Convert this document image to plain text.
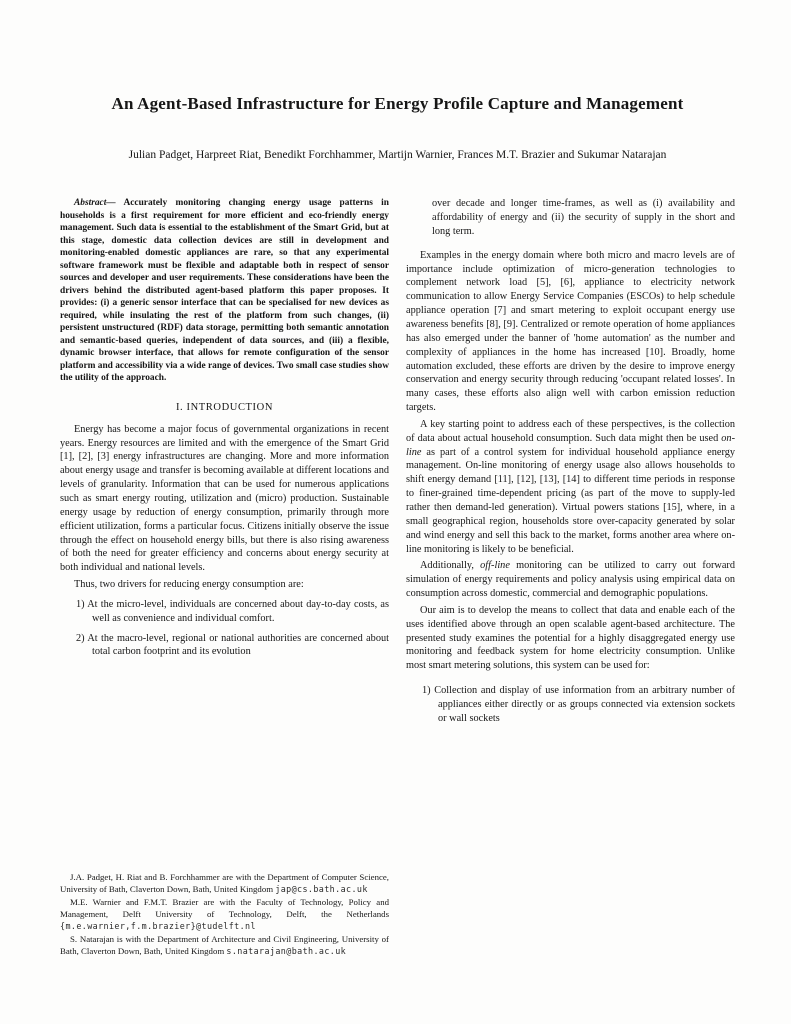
An Agent-Based Infrastructure for Energy Profile Capture and Management
Julian Padget, Harpreet Riat, Benedikt Forchhammer, Martijn Warnier, Frances M.T. Brazier and Sukumar Natarajan

Abstract— Accurately monitoring changing energy usage patterns in households is a first requirement for more efficient and eco-friendly energy management. Such data is essential to the establishment of the Smart Grid, but at this stage, domestic data collection devices are still in development and monitoring-enabled domestic appliances are rare, so that any experimental software framework must be flexible and adaptable both in respect of sensor sources and developer and user requirements. These considerations have been the drivers behind the distributed agent-based platform this paper proposes. It provides: (i) a generic sensor interface that can be specialised for new devices as required, while insulating the rest of the platform from such changes, (ii) persistent unstructured (RDF) data storage, permitting both semantic annotation and semantic-based queries, independent of data sources, and (iii) a flexible, dynamic browser interface, that allows for remote configuration of the sensor platform and accessibility via a wide range of devices. Two small case studies show the utility of the approach.

I. INTRODUCTION

Energy has become a major focus of governmental organizations in recent years. Energy resources are limited and with the emergence of the Smart Grid [1], [2], [3] energy infrastructures are changing. More and more information about energy usage and transfer is becoming available at different locations and levels of granularity. Information that can be used for numerous applications such as smart energy routing, utilization and (micro) production. Sustainable energy usage by reduction of energy consumption, primarily through more efficient utilization, forms a particular focus. Citizens initially observe the issue through the effect on household energy bills, but there is also rising awareness of both the need for greater efficiency and concerns about energy security at both individual and national levels.

Thus, two drivers for reducing energy consumption are:

1) At the micro-level, individuals are concerned about day-to-day costs, as well as convenience and individual comfort.
2) At the macro-level, regional or national authorities are concerned about total carbon footprint and its evolution

J.A. Padget, H. Riat and B. Forchhammer are with the Department of Computer Science, University of Bath, Claverton Down, Bath, United Kingdom jap@cs.bath.ac.uk

M.E. Warnier and F.M.T. Brazier are with the Faculty of Technology, Policy and Management, Delft University of Technology, Delft, the Netherlands {m.e.warnier,f.m.brazier}@tudelft.nl

S. Natarajan is with the Department of Architecture and Civil Engineering, University of Bath, Claverton Down, Bath, United Kingdom s.natarajan@bath.ac.uk

over decade and longer time-frames, as well as (i) availability and affordability of energy and (ii) the security of supply in the short and long term.

Examples in the energy domain where both micro and macro levels are of importance include optimization of micro-generation technologies to complement network load [5], [6], appliance to electricity network communication to allow Energy Service Companies (ESCOs) to help schedule appliance operation [7] and smart metering to exploit occupant energy use awareness benefits [8], [9]. Centralized or remote operation of home appliances has also emerged under the banner of 'home automation' as the number and complexity of appliances in the home has increased [10]. Broadly, home automation excluded, these efforts are driven by the desire to improve energy conservation and energy security through reducing 'occupant related losses'. In many cases, these efforts also align well with carbon emission reduction targets.

A key starting point to address each of these perspectives, is the collection of data about actual household consumption. Such data might then be used on-line as part of a control system for individual household appliance energy management. On-line monitoring of energy usage also allows households to shift energy demand [11], [12], [13], [14] to different time periods in response to finer-grained time-dependent pricing (as part of the move to supply-led rather then demand-led generation). Virtual powers stations [15], where, in a small geographical region, households store over-capacity generated by solar and wind energy and sell this back to the market, forms another area where on-line monitoring is likely to be beneficial.

Additionally, off-line monitoring can be utilized to carry out forward simulation of energy requirements and policy analysis using empirical data on consumption across domestic, commercial and demographic populations.

Our aim is to develop the means to collect that data and enable each of the uses identified above through an open scalable agent-based architecture. The presented study examines the potential for a highly disaggregated energy use monitoring and feedback system for home electricity consumption. Unlike most smart metering solutions, this system can be used for:

1) Collection and display of use information from an arbitrary number of appliances either directly or as groups connected via extension sockets or wall sockets
